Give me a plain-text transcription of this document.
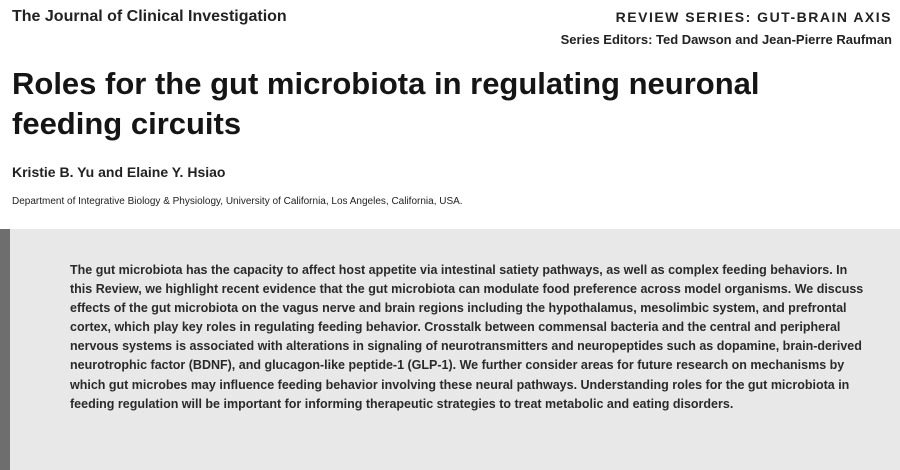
The Journal of Clinical Investigation	REVIEW SERIES: GUT-BRAIN AXIS
Series Editors: Ted Dawson and Jean-Pierre Raufman
Roles for the gut microbiota in regulating neuronal feeding circuits
Kristie B. Yu and Elaine Y. Hsiao
Department of Integrative Biology & Physiology, University of California, Los Angeles, California, USA.

The gut microbiota has the capacity to affect host appetite via intestinal satiety pathways, as well as complex feeding behaviors. In this Review, we highlight recent evidence that the gut microbiota can modulate food preference across model organisms. We discuss effects of the gut microbiota on the vagus nerve and brain regions including the hypothalamus, mesolimbic system, and prefrontal cortex, which play key roles in regulating feeding behavior. Crosstalk between commensal bacteria and the central and peripheral nervous systems is associated with alterations in signaling of neurotransmitters and neuropeptides such as dopamine, brain-derived neurotrophic factor (BDNF), and glucagon-like peptide-1 (GLP-1). We further consider areas for future research on mechanisms by which gut microbes may influence feeding behavior involving these neural pathways. Understanding roles for the gut microbiota in feeding regulation will be important for informing therapeutic strategies to treat metabolic and eating disorders.
